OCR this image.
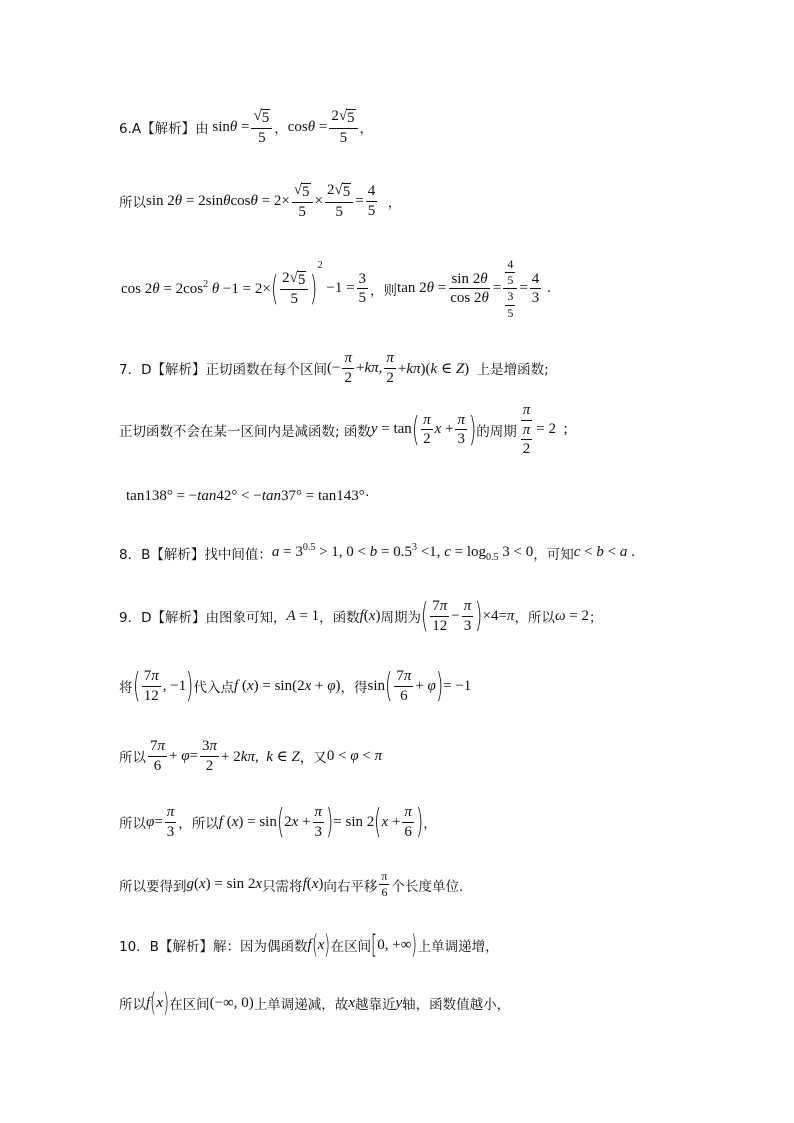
6.A【解析】由 $\sin\theta = \frac{√ 5}{5}$ ， $\cos\theta = \frac{2 √ 5}{5}$ ，
所以 $\sin 2\theta = 2\sin\theta\cos\theta = 2\times \frac{√ 5}{5} \times \frac{2 √ 5}{5} = \frac{4}{5}$ ，
$\cos 2\theta = 2\cos^2$ θ −1 = 2× ( $\frac{2 √ 5}{5}$ )
2
$-1 = \frac{3}{5}$ ，则 $\tan 2\theta = \frac{\sin 2\theta}{\cos 2\theta} = \frac{\frac{4}{5}}{\frac{3}{5}} = \frac{4}{3}$ .
7．D【解析】正切函数在每个区间 (− $\frac{\pi}{2} +k\pi$, $\frac{\pi}{2} +k\pi)(k$ ∈ Z) 上是增函数;
正切函数不会在某一区间内是减函数; 函数 y = tan ( $\frac{\pi}{2}$ $x + \frac{\pi}{3}$ ) 的周期 $\frac{\pi}{\frac{\pi}{2}} = 2$  ;
tan138° = −tan42° < −tan37° = tan143°·
8．B【解析】找中间值： $a = 3^{0.5} > 1$, $0 < b = 0.5^3 <1$, $c = \log_{0.5} 3 < 0$ ，可知 c < b < a .
9．D【解析】由图象可知， A = 1 ，函数 f(x) 周期为 ( $\frac{7\pi}{12} - \frac{\pi}{3}$ ) ×4=π ，所以 ω = 2 ；
将 ( $\frac{7\pi}{12}$ , −1 ) 代入点 f (x) = sin(2x + φ) ，得 sin ( $\frac{7\pi}{6} + \varphi$ ) = −1
所以 $\frac{7\pi}{6} + \varphi= \frac{3\pi}{2} + 2k\pi$,  k ∈ Z ，又 0 < φ < π
所以 $\varphi= \frac{\pi}{3}$ ，所以 f (x) = sin ( $2x + \frac{\pi}{3}$ ) = sin 2 ( $x + \frac{\pi}{6}$ ) ，
所以要得到 g(x) = sin 2x 只需将 f(x) 向右平移 $\frac{\pi}{6}$ 个长度单位.
10．B【解析】解：因为偶函数 f ( x ) 在区间 [ 0, +∞ ) 上单调递增，
所以 f ( x ) 在区间 (−∞, 0) 上单调递减，故 x 越靠近 y 轴，函数值越小，
